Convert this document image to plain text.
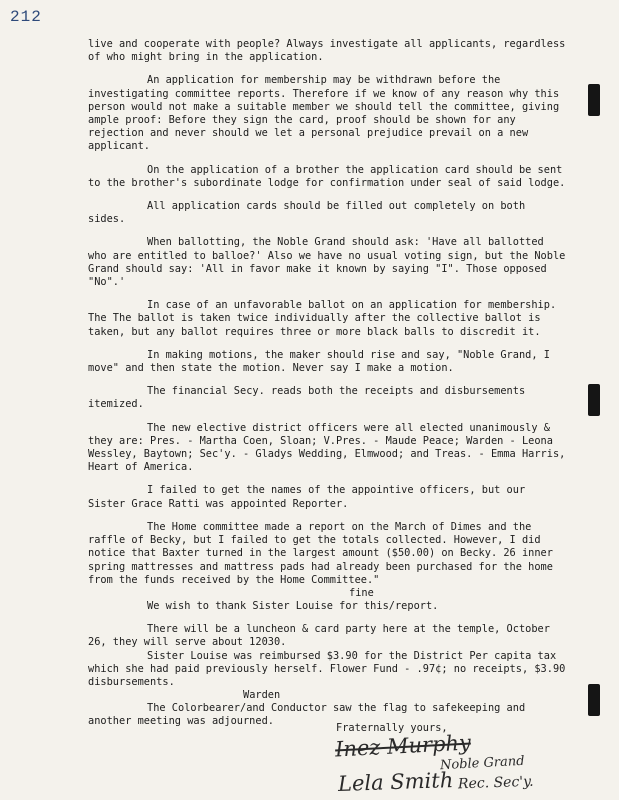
212

live and cooperate with people? Always investigate all applicants, regardless of who might bring in the application.

An application for membership may be withdrawn before the investigating committee reports. Therefore if we know of any reason why this person would not make a suitable member we should tell the committee, giving ample proof: Before they sign the card, proof should be shown for any rejection and never should we let a personal prejudice prevail on a new applicant.

On the application of a brother the application card should be sent to the brother's subordinate lodge for confirmation under seal of said lodge.

All application cards should be filled out completely on both sides.

When ballotting, the Noble Grand should ask: 'Have all ballotted who are entitled to balloe?' Also we have no usual voting sign, but the Noble Grand should say: 'All in favor make it known by saying "I". Those opposed "No".'

In case of an unfavorable ballot on an application for membership. The The ballot is taken twice individually after the collective ballot is taken, but any ballot requires three or more black balls to discredit it.

In making motions, the maker should rise and say, "Noble Grand, I move" and then state the motion. Never say I make a motion.

The financial Secy. reads both the receipts and disbursements itemized.

The new elective district officers were all elected unanimously & they are: Pres. - Martha Coen, Sloan; V.Pres. - Maude Peace; Warden - Leona Wessley, Baytown; Sec'y. - Gladys Wedding, Elmwood; and Treas. - Emma Harris, Heart of America.

I failed to get the names of the appointive officers, but our Sister Grace Ratti was appointed Reporter.

The Home committee made a report on the March of Dimes and the raffle of Becky, but I failed to get the totals collected. However, I did notice that Baxter turned in the largest amount ($50.00) on Becky. 26 inner spring mattresses and mattress pads had already been purchased for the home from the funds received by the Home Committee."

fine

We wish to thank Sister Louise for this/report.

There will be a luncheon & card party here at the temple, October 26, they will serve about 12030.

Sister Louise was reimbursed $3.90 for the District Per capita tax which she had paid previously herself. Flower Fund - .97¢; no receipts, $3.90 disbursements.

Warden

The Colorbearer/and Conductor saw the flag to safekeeping and another meeting was adjourned.

Fraternally yours,
Inez Murphy
Noble Grand
Lela Smith Rec. Sec'y.
